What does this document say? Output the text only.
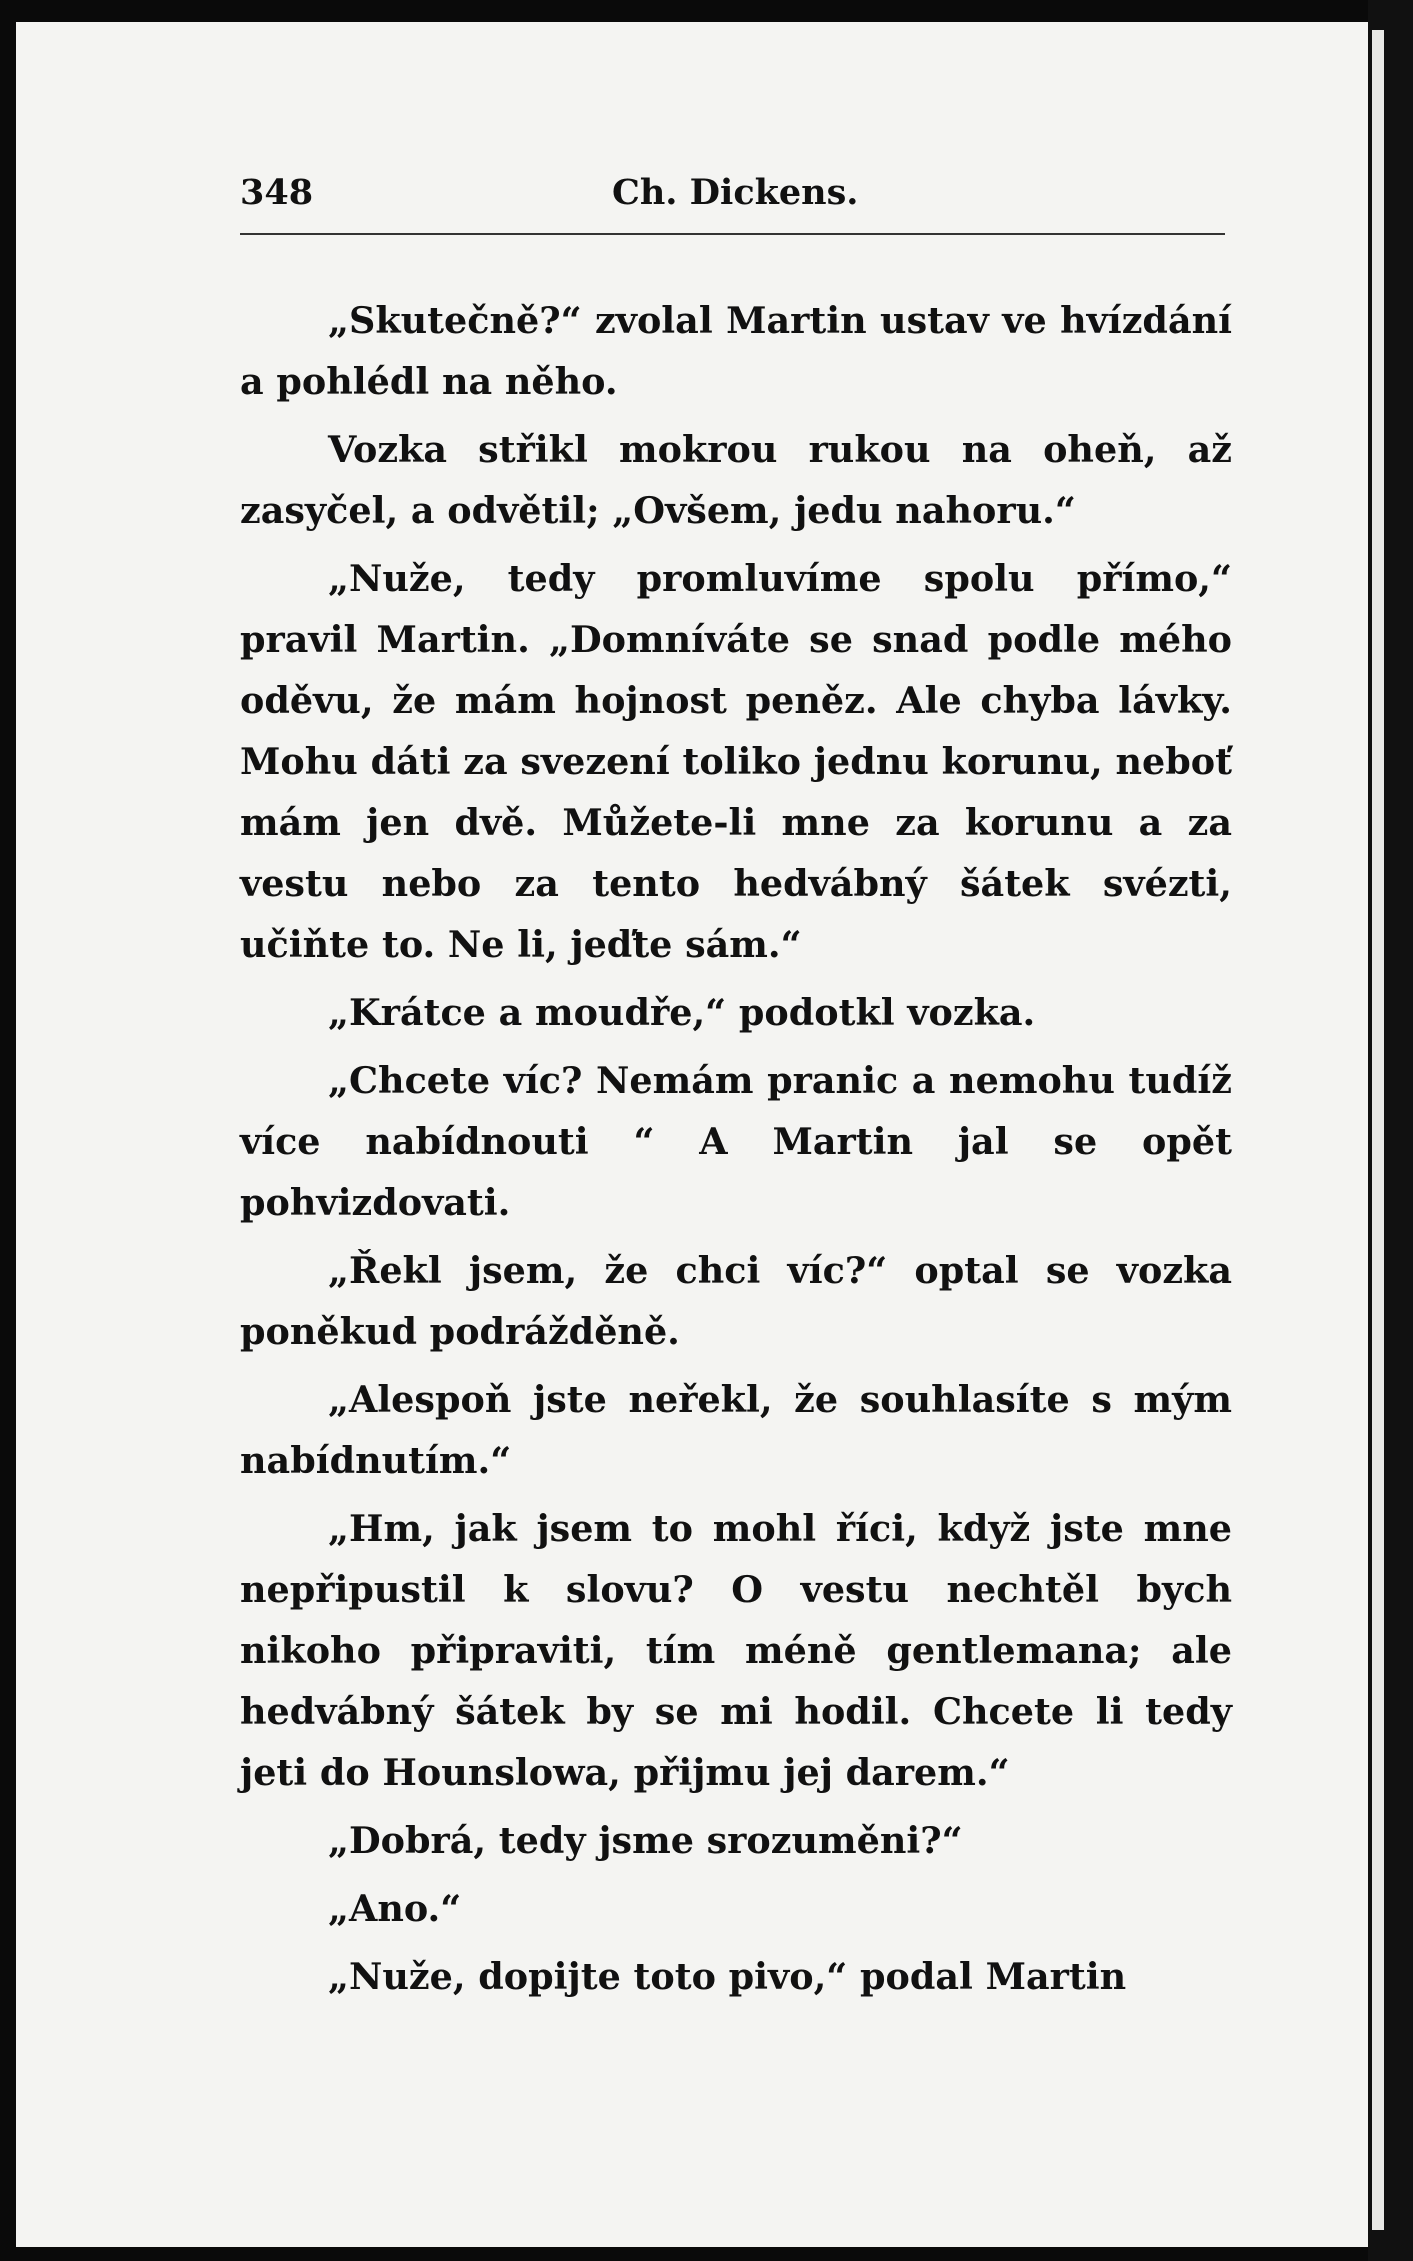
348	Ch. Dickens.

„Skutečně?“ zvolal Martin ustav ve hvízdání a pohlédl na něho.

Vozka střikl mokrou rukou na oheň, až zasyčel, a odvětil; „Ovšem, jedu nahoru.“

„Nuže, tedy promluvíme spolu přímo,“ pravil Martin. „Domníváte se snad podle mého oděvu, že mám hojnost peněz. Ale chyba lávky. Mohu dáti za svezení toliko jednu korunu, neboť mám jen dvě. Můžete-li mne za korunu a za vestu nebo za tento hedvábný šátek svézti, učiňte to. Ne li, jeďte sám.“

„Krátce a moudře,“ podotkl vozka.

„Chcete víc? Nemám pranic a nemohu tudíž více nabídnouti “ A Martin jal se opět pohvizdovati.

„Řekl jsem, že chci víc?“ optal se vozka poněkud podrážděně.

„Alespoň jste neřekl, že souhlasíte s mým nabídnutím.“

„Hm, jak jsem to mohl říci, když jste mne nepřipustil k slovu? O vestu nechtěl bych nikoho připraviti, tím méně gentlemana; ale hedvábný šátek by se mi hodil. Chcete li tedy jeti do Hounslowa, přijmu jej darem.“

„Dobrá, tedy jsme srozuměni?“

„Ano.“

„Nuže, dopijte toto pivo,“ podal Martin
